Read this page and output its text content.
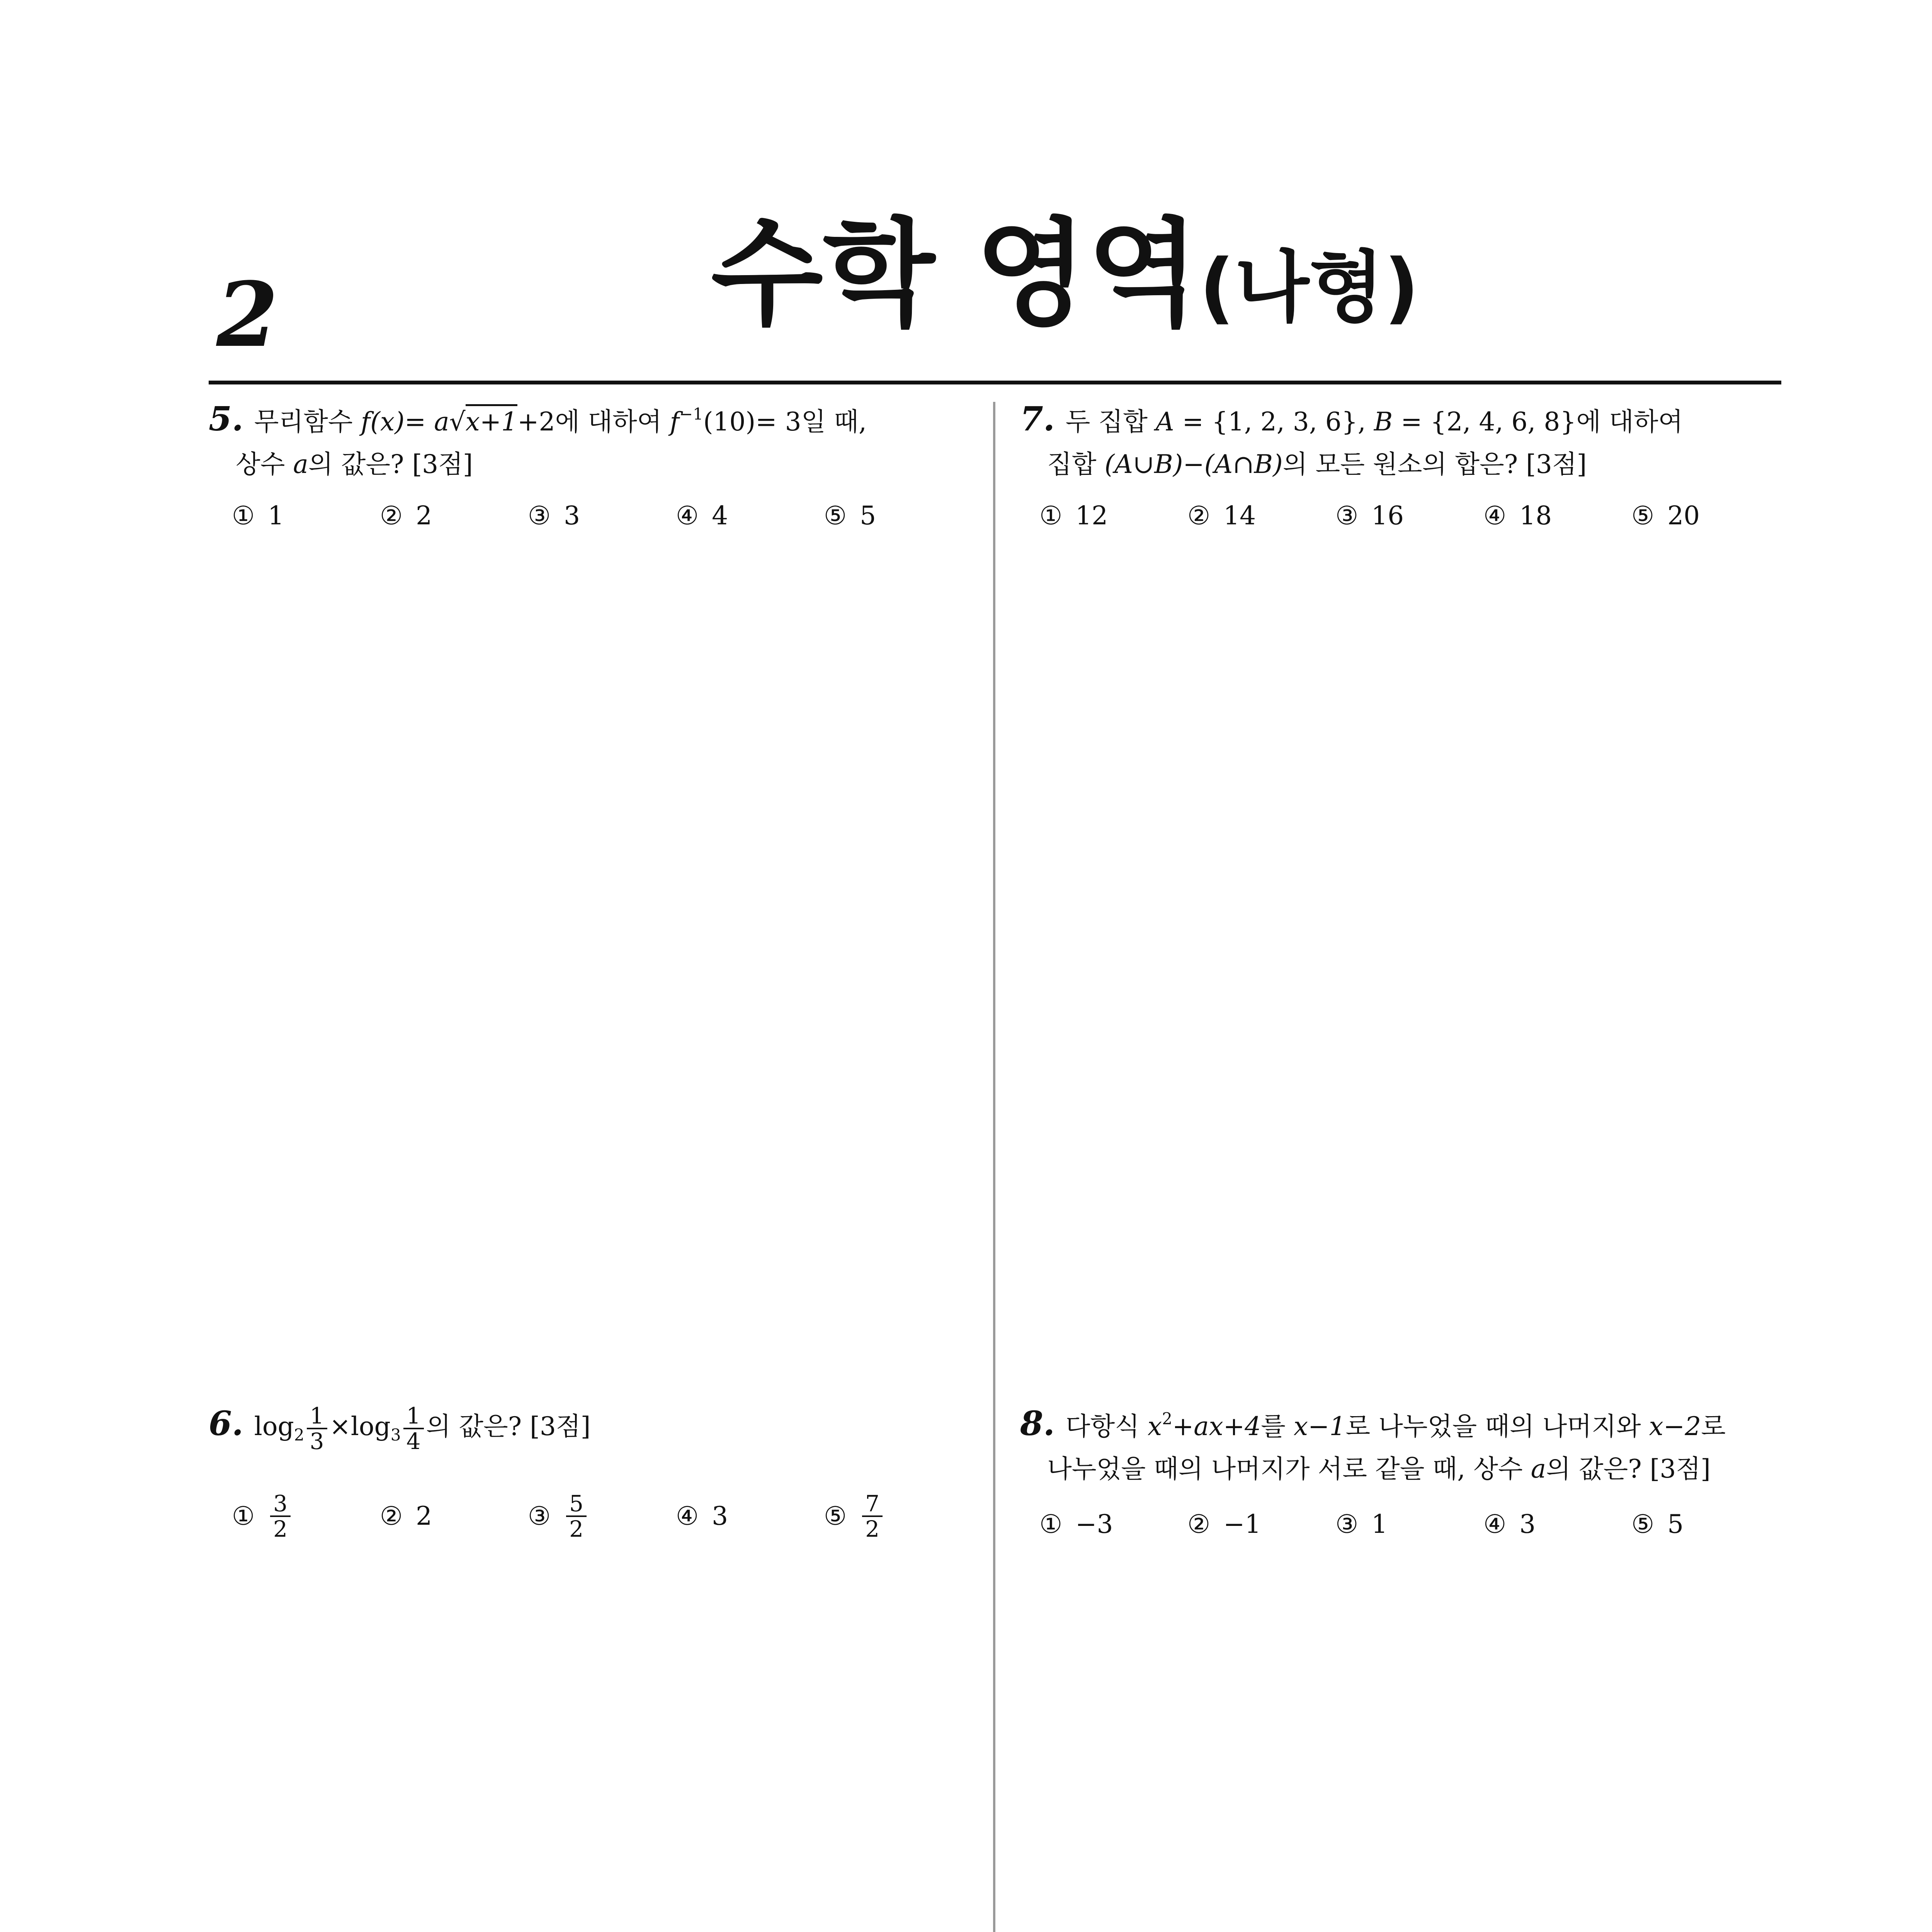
2	수학 영역(나형)
5. 무리함수 f(x)= a√x+1+2에 대하여 $f^{-1}(10)= 3$일 때,
상수 a의 값은? [3점]
① 1	② 2	③ 3	④ 4	⑤ 5
6. $\log_2 \frac{1}{3} \times\log_3 \frac{1}{4}$ 의 값은? [3점]
① $\frac{3}{2}$	② 2	③ $\frac{5}{2}$	④ 3	⑤ $\frac{7}{2}$
7. 두 집합 A = {1, 2, 3, 6}, B = {2, 4, 6, 8}에 대하여
집합 (A∪B)−(A∩B)의 모든 원소의 합은? [3점]
① 12	② 14	③ 16	④ 18	⑤ 20
8. 다항식 $x^2+ax+4$를 x−1로 나누었을 때의 나머지와 x−2로
나누었을 때의 나머지가 서로 같을 때, 상수 a의 값은? [3점]
① −3	② −1	③ 1	④ 3	⑤ 5
